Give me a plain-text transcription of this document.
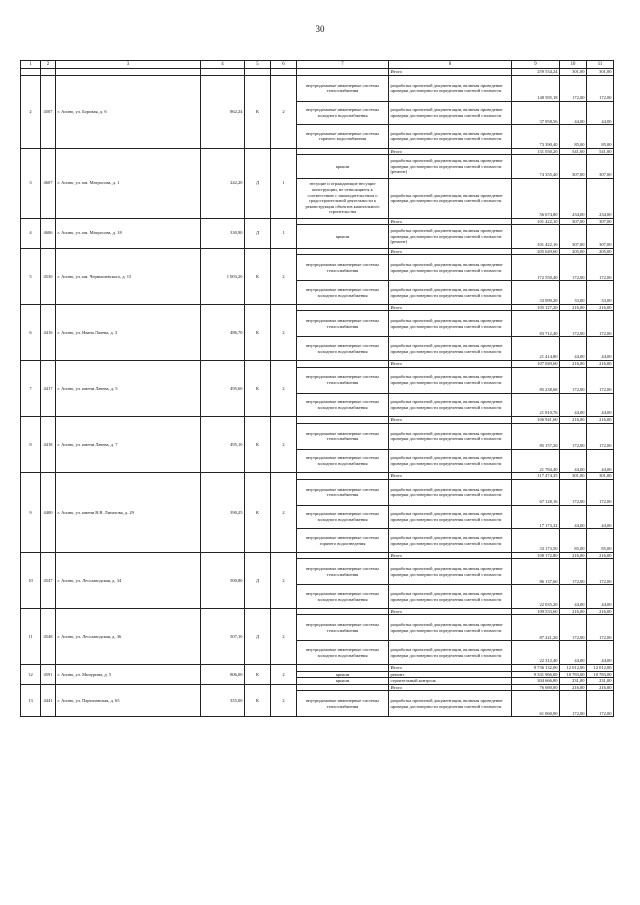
30
1	2	3	4	5	6	7	8	9	10	11
							Итого	259 534,24	301,00	301,00
2	4507	г. Асино, ул. Боровая, д. 6	862,24	К	2	внутридомовые инженерные системы теплоснабжения	разработка проектной документации, включая проведение проверки достоверности определения сметной стоимости	148 585,18	172,00	172,00
						внутридомовые инженерные системы холодного водоснабжения	разработка проектной документации, включая проведение проверки достоверности определения сметной стоимости	37 958,56	44,00	44,00
						внутридомовые инженерные системы горячего водоснабжения	разработка проектной документации, включая проведение проверки достоверности определения сметной стоимости	73 390,40	85,00	85,00
3	4607	г. Асино, ул. им. Матросова, д. 1	242,20	Д	1		Итого	131 030,20	541,00	541,00
						крыши	разработка проектной документации, включая проведение проверки достоверности определения сметной стоимости (ремонт)	74 355,40	307,00	307,00
						несущие и ограждающие несущие конструкции, не относящиеся к соответствию с законодательством о градостроительной деятельности к реконструкции объектов капитального строительства	разработка проектной документации, включая проведение проверки достоверности определения сметной стоимости	56 674,80	234,00	234,00
4	4606	г. Асино, ул. им. Матросова, д. 18	330,90	Д	1		Итого	101 422,10	307,00	307,00
						крыши	разработка проектной документации, включая проведение проверки достоверности определения сметной стоимости (ремонт)	101 422,10	307,00	307,00
5	4530	г. Асино, ул. им. Чернышевского, д. 15	1 003,20	К	2		Итого	205 649,60	205,00	205,00
						внутридомовые инженерные системы теплоснабжения	разработка проектной документации, включая проведение проверки достоверности определения сметной стоимости	172 550,40	172,00	172,00
						внутридомовые инженерные системы холодного водоснабжения	разработка проектной документации, включая проведение проверки достоверности определения сметной стоимости	33 099,20	33,00	33,00
6	4416	г. Асино, ул. Ивана Лачева, д. 3	486,70	К	2		Итого	105 127,20	216,00	216,00
						внутридомовые инженерные системы теплоснабжения	разработка проектной документации, включая проведение проверки достоверности определения сметной стоимости	83 712,40	172,00	172,00
						внутридомовые инженерные системы холодного водоснабжения	разработка проектной документации, включая проведение проверки достоверности определения сметной стоимости	21 414,80	44,00	44,00
7	4417	г. Асино, ул. имени Лачева, д. 5	495,60	К	2		Итого	107 049,60	216,00	216,00
						внутридомовые инженерные системы теплоснабжения	разработка проектной документации, включая проведение проверки достоверности определения сметной стоимости	85 238,68	172,00	172,00
						внутридомовые инженерные системы холодного водоснабжения	разработка проектной документации, включая проведение проверки достоверности определения сметной стоимости	21 810,76	44,00	44,00
8	4418	г. Асино, ул. имени Лачева, д. 7	495,10	К	2		Итого	106 941,60	216,00	216,00
						внутридомовые инженерные системы теплоснабжения	разработка проектной документации, включая проведение проверки достоверности определения сметной стоимости	85 157,20	172,00	172,00
						внутридомовые инженерные системы холодного водоснабжения	разработка проектной документации, включая проведение проверки достоверности определения сметной стоимости	21 784,40	44,00	44,00
9	4400	г. Асино, ул. имени В.В. Липатова, д. 29	390,25	К	2		Итого	117 474,35	301,00	301,00
						внутридомовые инженерные системы теплоснабжения	разработка проектной документации, включая проведение проверки достоверности определения сметной стоимости	67 128,16	172,00	172,00
						внутридомовые инженерные системы холодного водоснабжения	разработка проектной документации, включая проведение проверки достоверности определения сметной стоимости	17 173,32	44,00	44,00
						внутридомовые инженерные системы горячего водоотведения	разработка проектной документации, включая проведение проверки достоверности определения сметной стоимости	33 173,50	85,00	85,00
10	4547	г. Асино, ул. Лесозаводская, д. 34	500,80	Д	2		Итого	108 172,80	216,00	216,00
						внутридомовые инженерные системы теплоснабжения	разработка проектной документации, включая проведение проверки достоверности определения сметной стоимости	86 137,60	172,00	172,00
						внутридомовые инженерные системы холодного водоснабжения	разработка проектной документации, включая проведение проверки достоверности определения сметной стоимости	22 035,20	44,00	44,00
11	4548	г. Асино, ул. Лесозаводская, д. 36	507,10	Д	2		Итого	109 533,60	216,00	216,00
						внутридомовые инженерные системы теплоснабжения	разработка проектной документации, включая проведение проверки достоверности определения сметной стоимости	87 221,20	172,00	172,00
						внутридомовые инженерные системы холодного водоснабжения	разработка проектной документации, включая проведение проверки достоверности определения сметной стоимости	22 312,40	44,00	44,00
12	4591	г. Асино, ул. Мичурина, д. 5	806,00	К	2		Итого	9 736 132,00	12 012,00	12 012,00
						крыши	ремонт	9 331 966,00	10 783,00	10 783,00
						крыши	строительный контроль	304 666,80	231,00	231,00
13	4441	г. Асино, ул. Партизанская, д. 65	355,00	К	2		Итого	76 680,00	216,00	216,00
						внутридомовые инженерные системы теплоснабжения	разработка проектной документации, включая проведение проверки достоверности определения сметной стоимости	61 060,00	172,00	172,00
